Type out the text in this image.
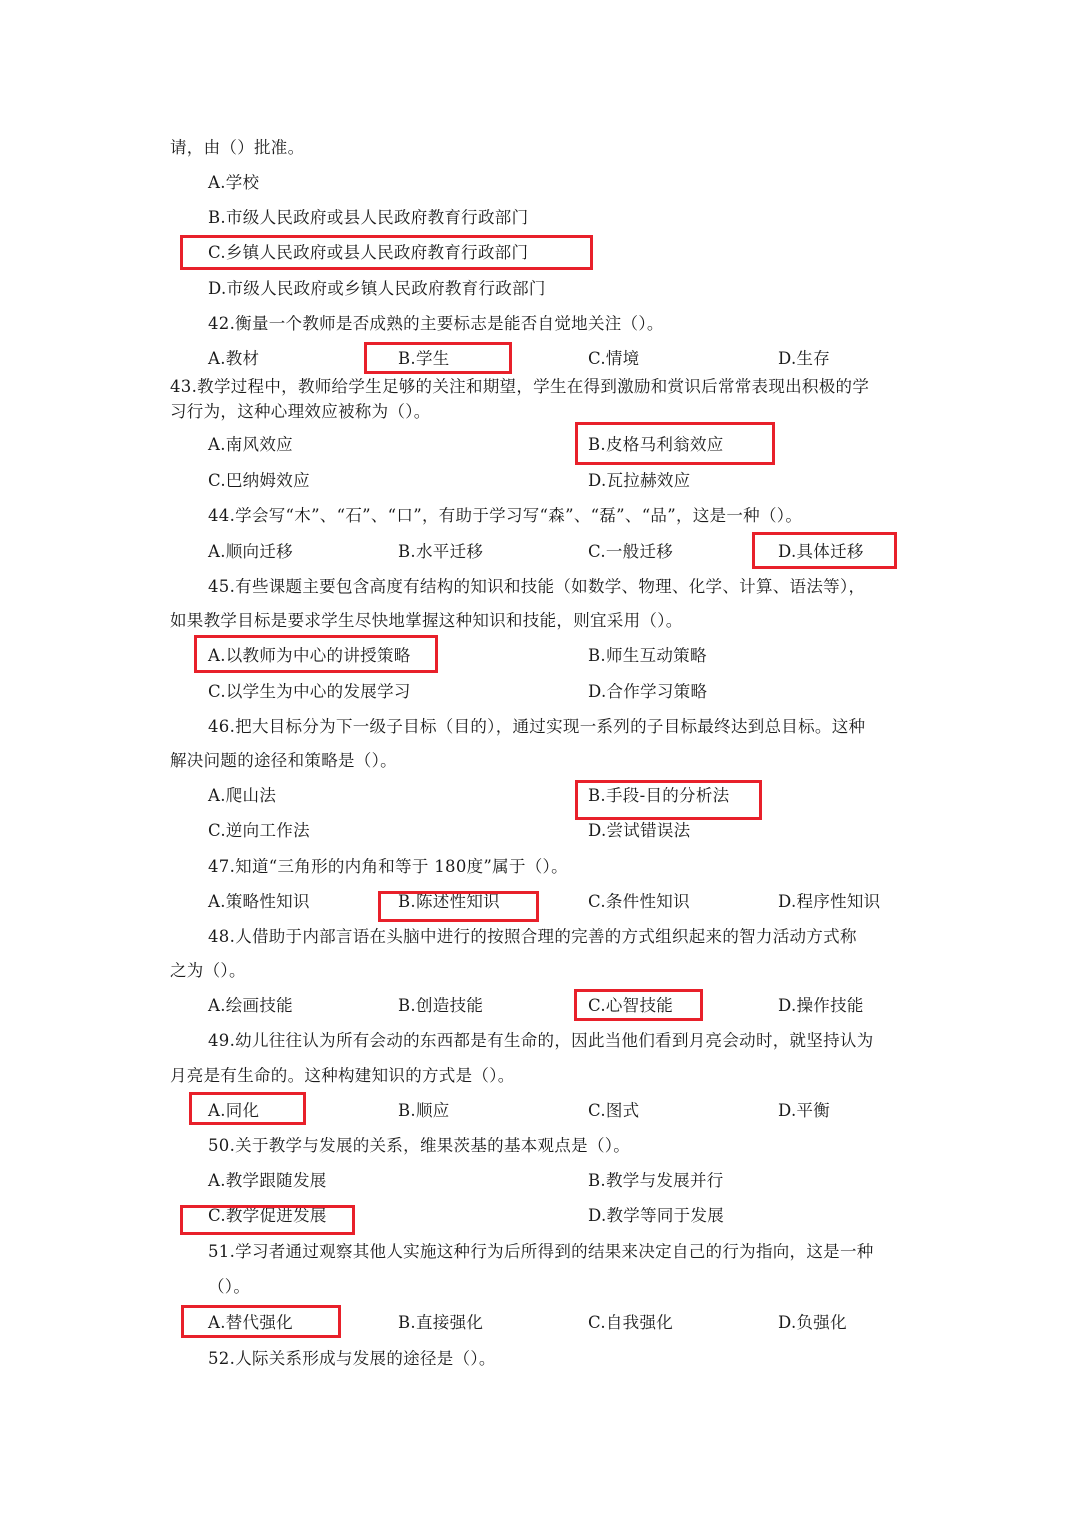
请，由（）批准。
A.学校
B.市级人民政府或县人民政府教育行政部门
C.乡镇人民政府或县人民政府教育行政部门
D.市级人民政府或乡镇人民政府教育行政部门
42.衡量一个教师是否成熟的主要标志是能否自觉地关注（）。
A.教材	B.学生	C.情境	D.生存
43.教学过程中，教师给学生足够的关注和期望，学生在得到激励和赏识后常常表现出积极的学
习行为，这种心理效应被称为（）。
A.南风效应	B.皮格马利翁效应
C.巴纳姆效应	D.瓦拉赫效应
44.学会写“木”、“石”、“口”，有助于学习写“森”、“磊”、“品”，这是一种（）。
A.顺向迁移	B.水平迁移	C.一般迁移	D.具体迁移
45.有些课题主要包含高度有结构的知识和技能（如数学、物理、化学、计算、语法等），
如果教学目标是要求学生尽快地掌握这种知识和技能，则宜采用（）。
A.以教师为中心的讲授策略	B.师生互动策略
C.以学生为中心的发展学习	D.合作学习策略
46.把大目标分为下一级子目标（目的），通过实现一系列的子目标最终达到总目标。这种
解决问题的途径和策略是（）。
A.爬山法	B.手段-目的分析法
C.逆向工作法	D.尝试错误法
47.知道“三角形的内角和等于 180度”属于（）。
A.策略性知识	B.陈述性知识	C.条件性知识	D.程序性知识
48.人借助于内部言语在头脑中进行的按照合理的完善的方式组织起来的智力活动方式称
之为（）。
A.绘画技能	B.创造技能	C.心智技能	D.操作技能
49.幼儿往往认为所有会动的东西都是有生命的，因此当他们看到月亮会动时，就坚持认为
月亮是有生命的。这种构建知识的方式是（）。
A.同化	B.顺应	C.图式	D.平衡
50.关于教学与发展的关系，维果茨基的基本观点是（）。
A.教学跟随发展	B.教学与发展并行
C.教学促进发展	D.教学等同于发展
51.学习者通过观察其他人实施这种行为后所得到的结果来决定自己的行为指向，这是一种
（）。
A.替代强化	B.直接强化	C.自我强化	D.负强化
52.人际关系形成与发展的途径是（）。
